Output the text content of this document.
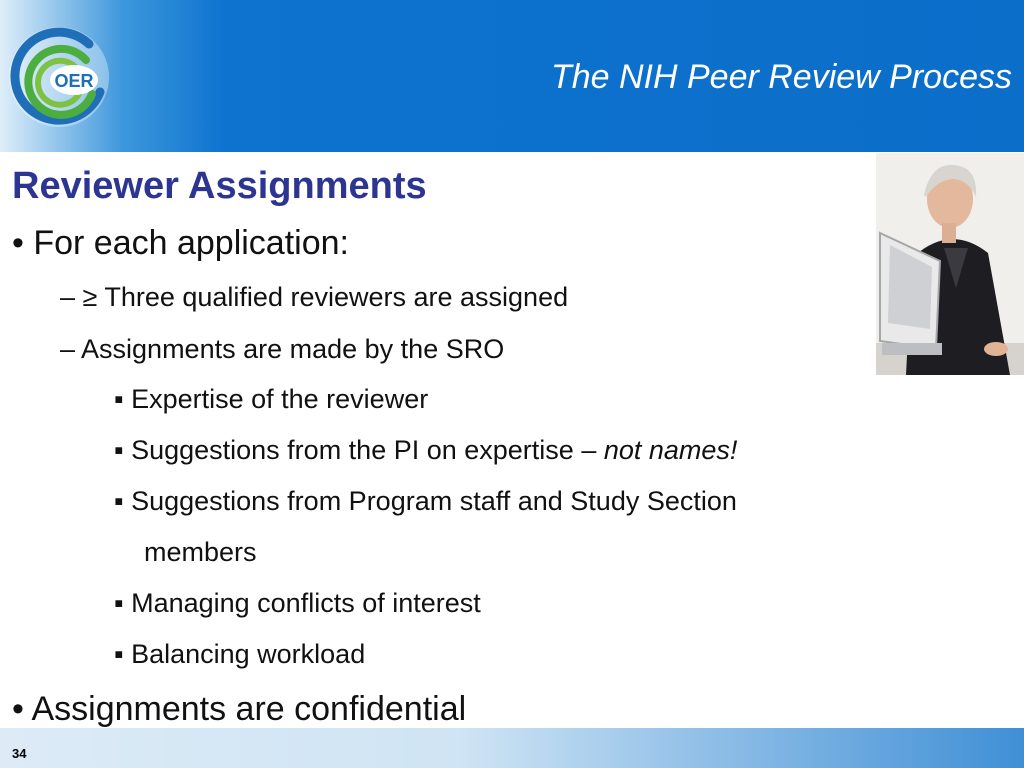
OER	The NIH Peer Review Process
Reviewer Assignments
• For each application:
– ≥ Three qualified reviewers are assigned
– Assignments are made by the SRO
▪ Expertise of the reviewer
▪ Suggestions from the PI on expertise – not names!
▪ Suggestions from Program staff and Study Section
members
▪ Managing conflicts of interest
▪ Balancing workload
• Assignments are confidential
34
